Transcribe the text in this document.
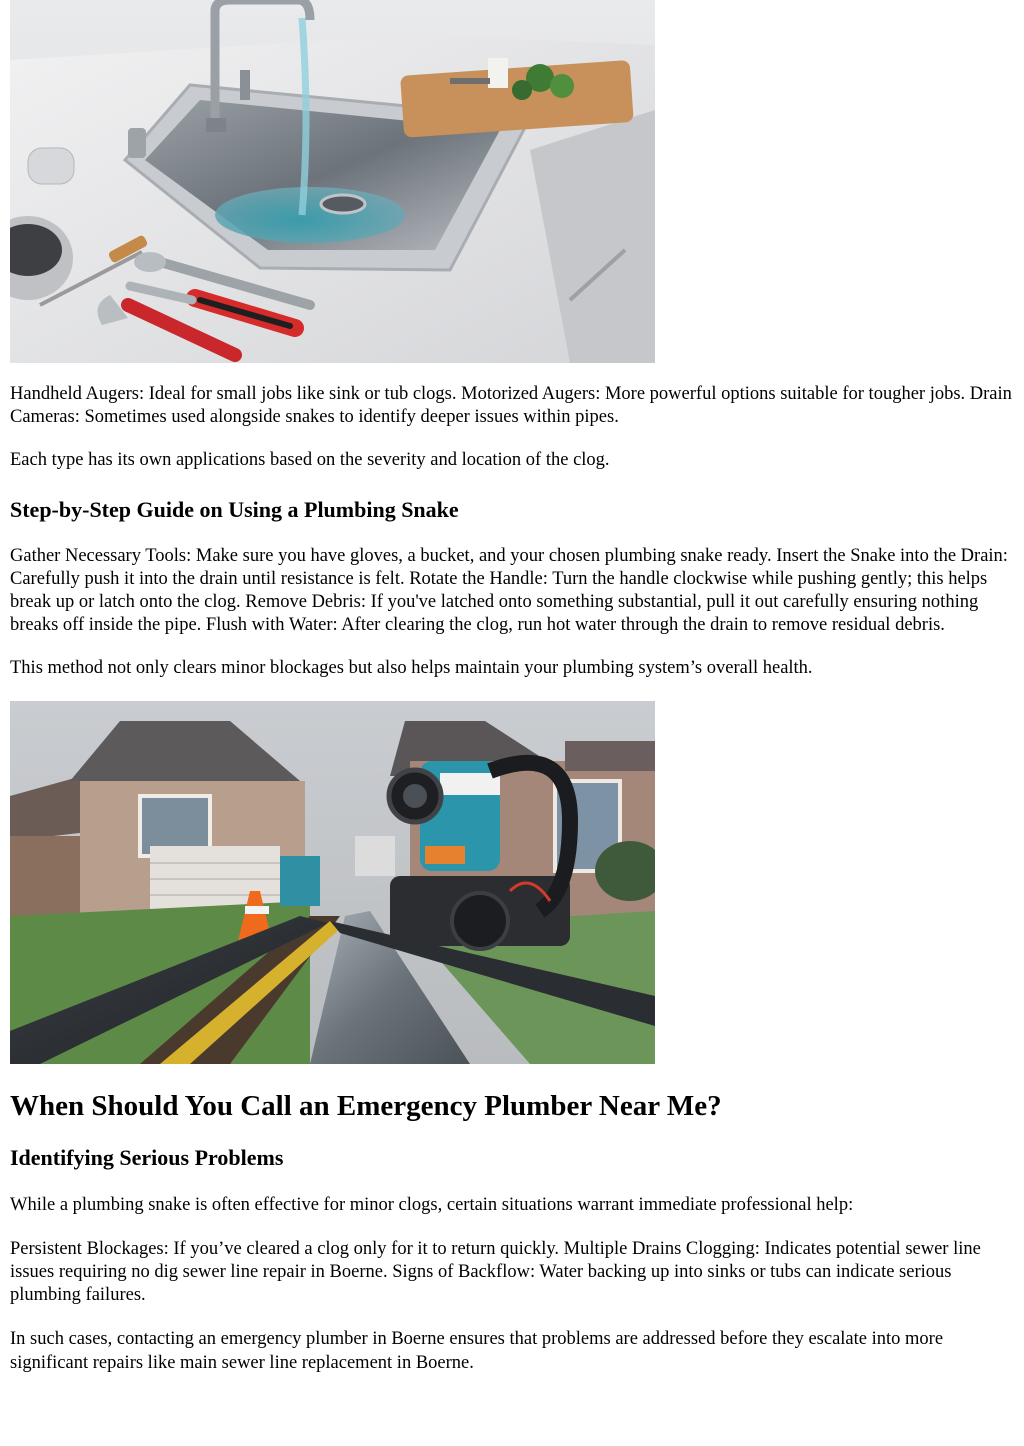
Handheld Augers: Ideal for small jobs like sink or tub clogs. Motorized Augers: More powerful options suitable for tougher jobs. Drain Cameras: Sometimes used alongside snakes to identify deeper issues within pipes.

Each type has its own applications based on the severity and location of the clog.

Step-by-Step Guide on Using a Plumbing Snake

Gather Necessary Tools: Make sure you have gloves, a bucket, and your chosen plumbing snake ready. Insert the Snake into the Drain: Carefully push it into the drain until resistance is felt. Rotate the Handle: Turn the handle clockwise while pushing gently; this helps break up or latch onto the clog. Remove Debris: If you've latched onto something substantial, pull it out carefully ensuring nothing breaks off inside the pipe. Flush with Water: After clearing the clog, run hot water through the drain to remove residual debris.

This method not only clears minor blockages but also helps maintain your plumbing system’s overall health.

When Should You Call an Emergency Plumber Near Me?
Identifying Serious Problems

While a plumbing snake is often effective for minor clogs, certain situations warrant immediate professional help:

Persistent Blockages: If you’ve cleared a clog only for it to return quickly. Multiple Drains Clogging: Indicates potential sewer line issues requiring no dig sewer line repair in Boerne. Signs of Backflow: Water backing up into sinks or tubs can indicate serious plumbing failures.

In such cases, contacting an emergency plumber in Boerne ensures that problems are addressed before they escalate into more significant repairs like main sewer line replacement in Boerne.
